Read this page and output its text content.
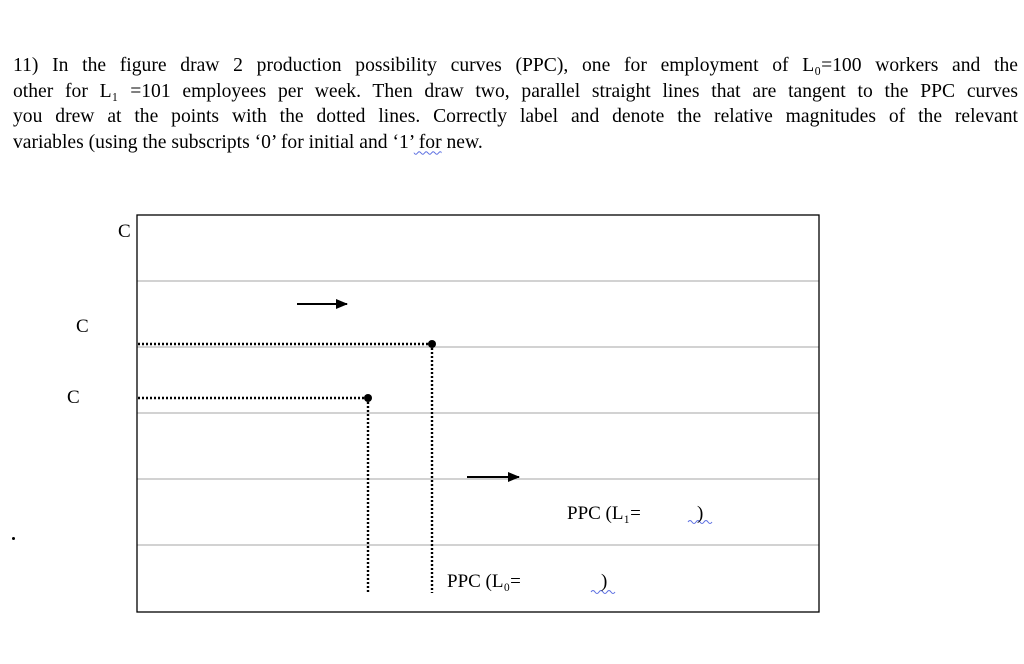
11) In the figure draw 2 production possibility curves (PPC), one for employment of L₀=100 workers and the
other for L₁ =101 employees per week. Then draw two, parallel straight lines that are tangent to the PPC curves
you drew at the points with the dotted lines. Correctly label and denote the relative magnitudes of the relevant
variables (using the subscripts ‘0’ for initial and ‘1’ for new.
C
C
C
PPC (L₁=	)
PPC (L₀=	)
